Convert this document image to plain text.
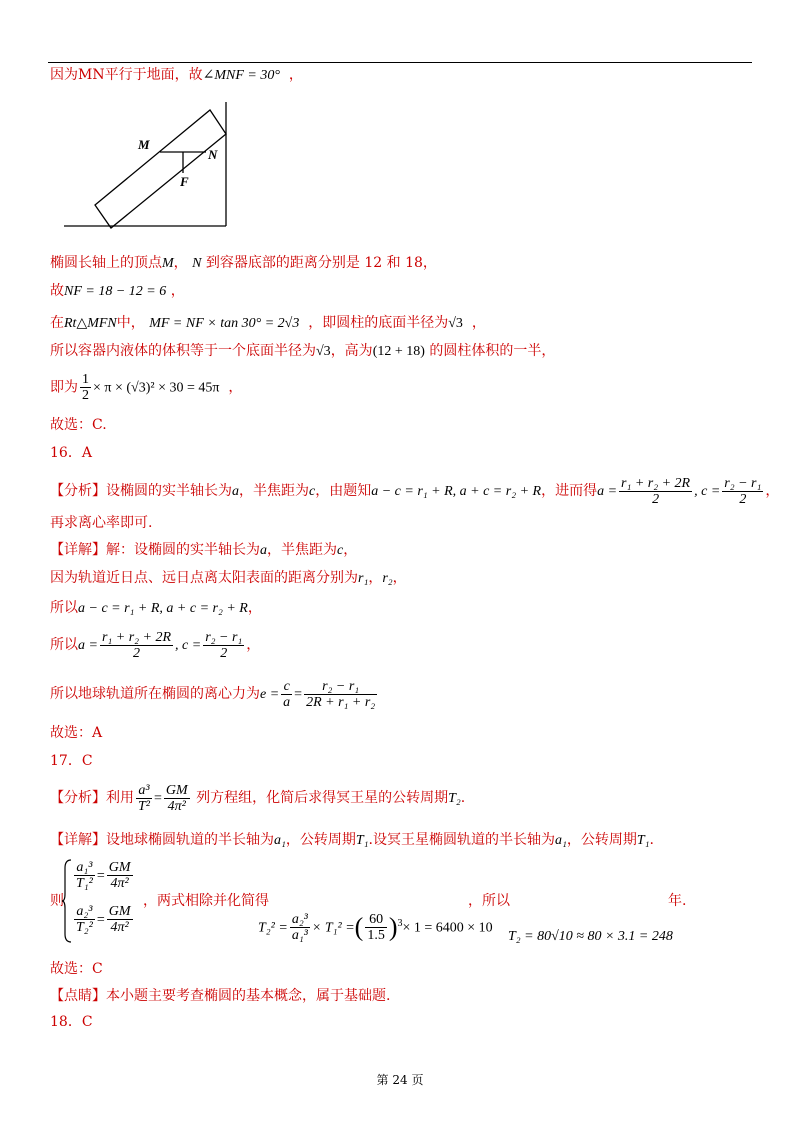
因为MN平行于地面，故∠MNF = 30° ，
M
N
F
椭圆长轴上的顶点M， N 到容器底部的距离分别是 12 和 18，
故NF = 18 − 12 = 6 ，
在Rt△MFN中， MF = NF × tan 30° = 2√3 ，即圆柱的底面半径为√3 ，
所以容器内液体的体积等于一个底面半径为√3，高为(12 + 18) 的圆柱体积的一半，
即为 $\frac{1}{2} \times \pi \times (√3)^2 \times 30 = 45\pi$ ，
故选：C.
16．A
【分析】设椭圆的实半轴长为a，半焦距为c，由题知a − c = r₁ + R, a + c = r₂ + R，进而得$a = \frac{\text{r₁ + r₂ + 2R}}{2}$ , $c = \frac{\text{r₂ − r₁}}{2}$ ，
再求离心率即可.
【详解】解：设椭圆的实半轴长为a，半焦距为c，
因为轨道近日点、远日点离太阳表面的距离分别为r₁，r₂，
所以a − c = r₁ + R, a + c = r₂ + R，
所以$a = \frac{\text{r₁ + r₂ + 2R}}{2}$ , $c = \frac{\text{r₂ − r₁}}{2}$ ，
所以地球轨道所在椭圆的离心力为$e = \frac{c}{a} = \frac{\text{r₂ − r₁}}{\text{2R + r₁ + r₂}}$
故选：A
17．C
【分析】利用 $\frac{\text{a³}}{\text{T²}} = \frac{GM}{\text{4π²}}$ 列方程组，化简后求得冥王星的公转周期T₂.
【详解】设地球椭圆轨道的半长轴为a₁，公转周期T₁.设冥王星椭圆轨道的半长轴为a₁，公转周期T₁.
则
$\frac{\text{a₁³}}{\text{T₁²}} = \frac{GM}{\text{4π²}}$
$\frac{\text{a₂³}}{\text{T₂²}} = \frac{GM}{\text{4π²}}$
，两式相除并化简得
$T_2^2 = \frac{\text{a₂³}}{\text{a₁³}} \times T_1^2$ =( $\frac{60}{1.5} )^3\times 1 = 6400 \times 10$
，所以	年.
T₂ = 80√10 ≈ 80 × 3.1 = 248
故选：C
【点睛】本小题主要考查椭圆的基本概念，属于基础题.
18．C
第 24 页
